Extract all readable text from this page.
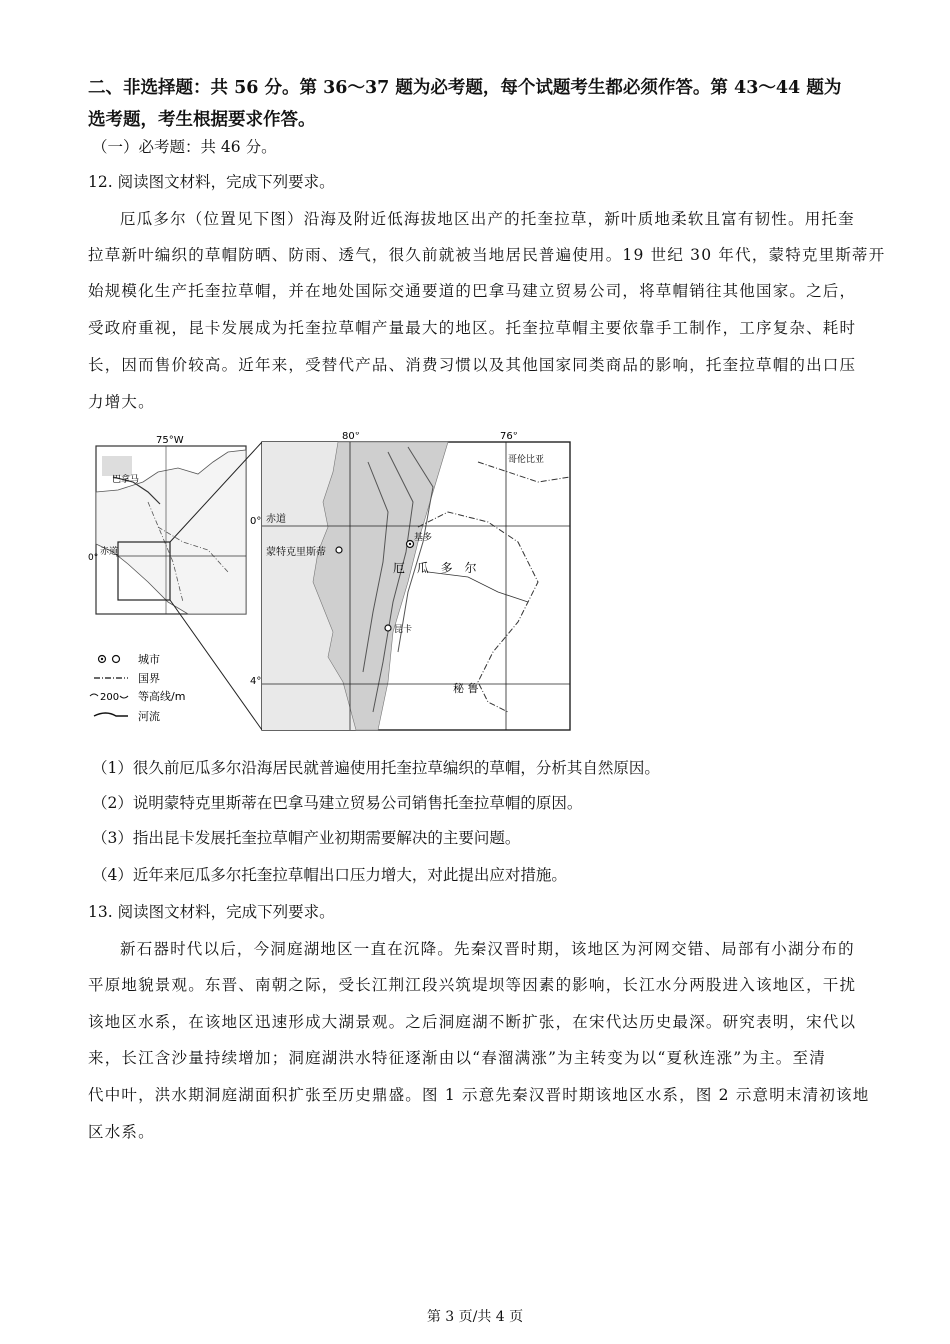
二、非选择题：共 56 分。第 36～37 题为必考题，每个试题考生都必须作答。第 43～44 题为
选考题，考生根据要求作答。
（一）必考题：共 46 分。
12. 阅读图文材料，完成下列要求。
厄瓜多尔（位置见下图）沿海及附近低海拔地区出产的托奎拉草，新叶质地柔软且富有韧性。用托奎
拉草新叶编织的草帽防晒、防雨、透气，很久前就被当地居民普遍使用。19 世纪 30 年代，蒙特克里斯蒂开
始规模化生产托奎拉草帽，并在地处国际交通要道的巴拿马建立贸易公司，将草帽销往其他国家。之后，
受政府重视，昆卡发展成为托奎拉草帽产量最大的地区。托奎拉草帽主要依靠手工制作，工序复杂、耗时
长，因而售价较高。近年来，受替代产品、消费习惯以及其他国家同类商品的影响，托奎拉草帽的出口压
力增大。
75°W
0°
赤道
巴拿马
80°	76°
0°
4°
赤道
蒙特克里斯蒂
基多
厄 瓜 多 尔
昆卡
秘 鲁
哥伦比亚
城市
国界
200 等高线/m
河流
（1）很久前厄瓜多尔沿海居民就普遍使用托奎拉草编织的草帽，分析其自然原因。
（2）说明蒙特克里斯蒂在巴拿马建立贸易公司销售托奎拉草帽的原因。
（3）指出昆卡发展托奎拉草帽产业初期需要解决的主要问题。
（4）近年来厄瓜多尔托奎拉草帽出口压力增大，对此提出应对措施。
13. 阅读图文材料，完成下列要求。
新石器时代以后，今洞庭湖地区一直在沉降。先秦汉晋时期，该地区为河网交错、局部有小湖分布的
平原地貌景观。东晋、南朝之际，受长江荆江段兴筑堤坝等因素的影响，长江水分两股进入该地区，干扰
该地区水系，在该地区迅速形成大湖景观。之后洞庭湖不断扩张，在宋代达历史最深。研究表明，宋代以
来，长江含沙量持续增加；洞庭湖洪水特征逐渐由以“春溜满涨”为主转变为以“夏秋连涨”为主。至清
代中叶，洪水期洞庭湖面积扩张至历史鼎盛。图 1 示意先秦汉晋时期该地区水系，图 2 示意明末清初该地
区水系。
第 3 页/共 4 页
